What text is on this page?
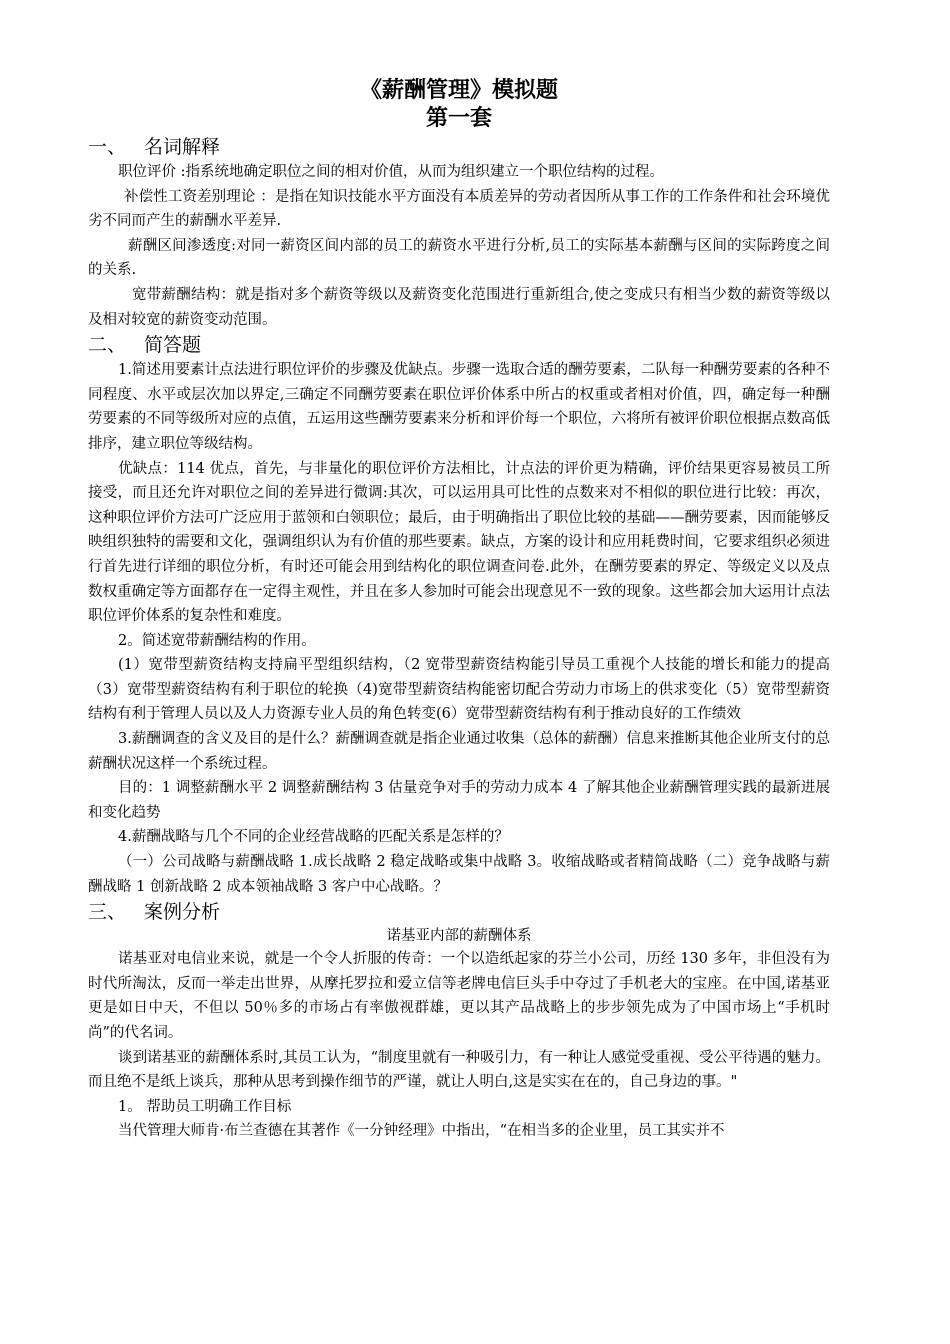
《薪酬管理》模拟题
第一套
一、 名词解释

职位评价 :指系统地确定职位之间的相对价值，从而为组织建立一个职位结构的过程。

补偿性工资差别理论 ：是指在知识技能水平方面没有本质差异的劳动者因所从事工作的工作条件和社会环境优劣不同而产生的薪酬水平差异.

薪酬区间渗透度:对同一薪资区间内部的员工的薪资水平进行分析,员工的实际基本薪酬与区间的实际跨度之间的关系.

宽带薪酬结构：就是指对多个薪资等级以及薪资变化范围进行重新组合,使之变成只有相当少数的薪资等级以及相对较宽的薪资变动范围。

二、 简答题

1.简述用要素计点法进行职位评价的步骤及优缺点。步骤一选取合适的酬劳要素，二队每一种酬劳要素的各种不同程度、水平或层次加以界定,三确定不同酬劳要素在职位评价体系中所占的权重或者相对价值，四，确定每一种酬劳要素的不同等级所对应的点值，五运用这些酬劳要素来分析和评价每一个职位，六将所有被评价职位根据点数高低排序，建立职位等级结构。

优缺点：114 优点，首先，与非量化的职位评价方法相比，计点法的评价更为精确，评价结果更容易被员工所接受，而且还允许对职位之间的差异进行微调:其次，可以运用具可比性的点数来对不相似的职位进行比较：再次，这种职位评价方法可广泛应用于蓝领和白领职位；最后，由于明确指出了职位比较的基础——酬劳要素，因而能够反映组织独特的需要和文化，强调组织认为有价值的那些要素。缺点，方案的设计和应用耗费时间，它要求组织必须进行首先进行详细的职位分析，有时还可能会用到结构化的职位调查问卷.此外，在酬劳要素的界定、等级定义以及点数权重确定等方面都存在一定得主观性，并且在多人参加时可能会出现意见不一致的现象。这些都会加大运用计点法职位评价体系的复杂性和难度。

2。简述宽带薪酬结构的作用。

(1）宽带型薪资结构支持扁平型组织结构，（2 宽带型薪资结构能引导员工重视个人技能的增长和能力的提高（3）宽带型薪资结构有利于职位的轮换（4)宽带型薪资结构能密切配合劳动力市场上的供求变化（5）宽带型薪资结构有利于管理人员以及人力资源专业人员的角色转变(6）宽带型薪资结构有利于推动良好的工作绩效

3.薪酬调查的含义及目的是什么？薪酬调查就是指企业通过收集（总体的薪酬）信息来推断其他企业所支付的总薪酬状况这样一个系统过程。

目的：1 调整薪酬水平 2 调整薪酬结构 3 估量竞争对手的劳动力成本 4 了解其他企业薪酬管理实践的最新进展和变化趋势

4.薪酬战略与几个不同的企业经营战略的匹配关系是怎样的？

（一）公司战略与薪酬战略 1.成长战略 2 稳定战略或集中战略 3。收缩战略或者精简战略（二）竞争战略与薪酬战略 1 创新战略 2 成本领袖战略 3 客户中心战略。？

三、 案例分析

诺基亚内部的薪酬体系

诺基亚对电信业来说，就是一个令人折服的传奇：一个以造纸起家的芬兰小公司，历经 130 多年，非但没有为时代所淘汰，反而一举走出世界，从摩托罗拉和爱立信等老牌电信巨头手中夺过了手机老大的宝座。在中国,诺基亚更是如日中天，不但以 50％多的市场占有率傲视群雄，更以其产品战略上的步步领先成为了中国市场上“手机时尚”的代名词。

谈到诺基亚的薪酬体系时,其员工认为，“制度里就有一种吸引力，有一种让人感觉受重视、受公平待遇的魅力。而且绝不是纸上谈兵，那种从思考到操作细节的严谨，就让人明白,这是实实在在的，自己身边的事。"

1。 帮助员工明确工作目标

当代管理大师肯·布兰查德在其著作《一分钟经理》中指出，“在相当多的企业里，员工其实并不
